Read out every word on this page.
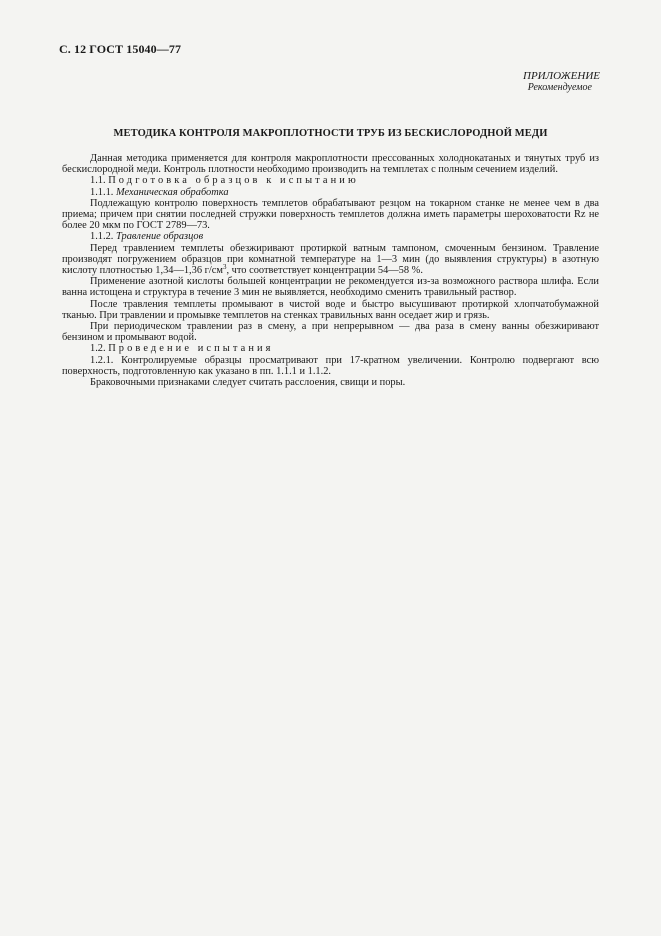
С. 12 ГОСТ 15040—77
ПРИЛОЖЕНИЕ
Рекомендуемое
МЕТОДИКА КОНТРОЛЯ МАКРОПЛОТНОСТИ ТРУБ ИЗ БЕСКИСЛОРОДНОЙ МЕДИ

Данная методика применяется для контроля макроплотности прессованных холоднокатаных и тянутых труб из бескислородной меди. Контроль плотности необходимо производить на темплетах с полным сечением изделий.

1.1. Подготовка образцов к испытанию

1.1.1. Механическая обработка

Подлежащую контролю поверхность темплетов обрабатывают резцом на токарном станке не менее чем в два приема; причем при снятии последней стружки поверхность темплетов должна иметь параметры шероховатости Rz не более 20 мкм по ГОСТ 2789—73.

1.1.2. Травление образцов

Перед травлением темплеты обезжиривают протиркой ватным тампоном, смоченным бензином. Травление производят погружением образцов при комнатной температуре на 1—3 мин (до выявления структуры) в азотную кислоту плотностью 1,34—1,36 $г/см^3$, что соответствует концентрации 54—58 %.

Применение азотной кислоты большей концентрации не рекомендуется из-за возможного раствора шлифа. Если ванна истощена и структура в течение 3 мин не выявляется, необходимо сменить травильный раствор.

После травления темплеты промывают в чистой воде и быстро высушивают протиркой хлопчатобумажной тканью. При травлении и промывке темплетов на стенках травильных ванн оседает жир и грязь.

При периодическом травлении раз в смену, а при непрерывном — два раза в смену ванны обезжиривают бензином и промывают водой.

1.2. Проведение испытания

1.2.1. Контролируемые образцы просматривают при 17-кратном увеличении. Контролю подвергают всю поверхность, подготовленную как указано в пп. 1.1.1 и 1.1.2.

Браковочными признаками следует считать расслоения, свищи и поры.
